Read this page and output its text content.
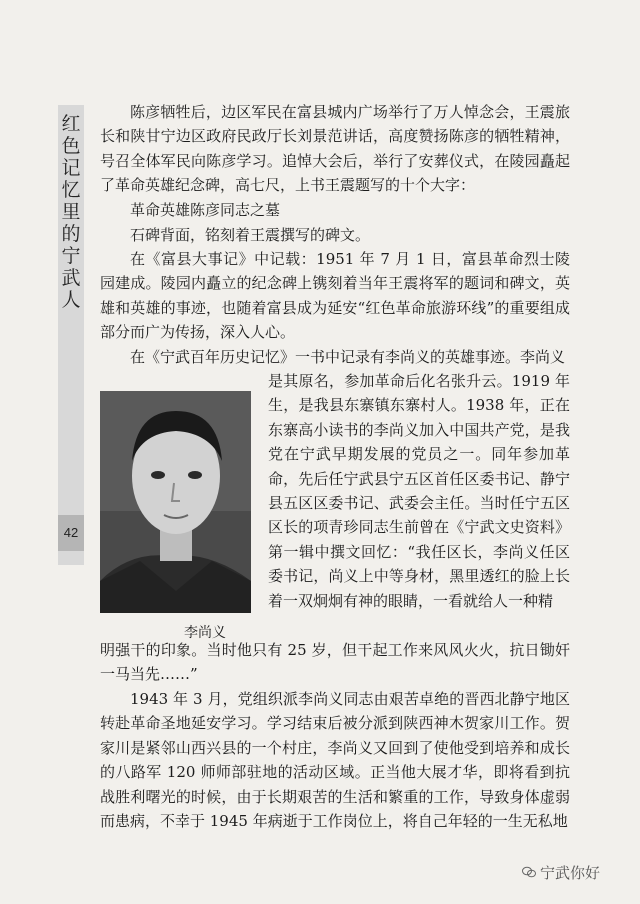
红色记忆里的宁武人
42

陈彦牺牲后，边区军民在富县城内广场举行了万人悼念会，王震旅长和陕甘宁边区政府民政厅长刘景范讲话，高度赞扬陈彦的牺牲精神，号召全体军民向陈彦学习。追悼大会后，举行了安葬仪式，在陵园矗起了革命英雄纪念碑，高七尺，上书王震题写的十个大字：

革命英雄陈彦同志之墓

石碑背面，铭刻着王震撰写的碑文。

在《富县大事记》中记载：1951 年 7 月 1 日，富县革命烈士陵园建成。陵园内矗立的纪念碑上镌刻着当年王震将军的题词和碑文，英雄和英雄的事迹，也随着富县成为延安“红色革命旅游环线”的重要组成部分而广为传扬，深入人心。

在《宁武百年历史记忆》一书中记录有李尚义的英雄事迹。李尚义

李尚义

是其原名，参加革命后化名张升云。1919 年生，是我县东寨镇东寨村人。1938 年，正在东寨高小读书的李尚义加入中国共产党，是我党在宁武早期发展的党员之一。同年参加革命，先后任宁武县宁五区首任区委书记、静宁县五区区委书记、武委会主任。当时任宁五区区长的项青珍同志生前曾在《宁武文史资料》第一辑中撰文回忆：“我任区长，李尚义任区委书记，尚义上中等身材，黑里透红的脸上长着一双炯炯有神的眼睛，一看就给人一种精

明强干的印象。当时他只有 25 岁，但干起工作来风风火火，抗日锄奸一马当先……”

1943 年 3 月，党组织派李尚义同志由艰苦卓绝的晋西北静宁地区转赴革命圣地延安学习。学习结束后被分派到陕西神木贺家川工作。贺家川是紧邻山西兴县的一个村庄，李尚义又回到了使他受到培养和成长的八路军 120 师师部驻地的活动区域。正当他大展才华，即将看到抗战胜利曙光的时候，由于长期艰苦的生活和繁重的工作，导致身体虚弱而患病，不幸于 1945 年病逝于工作岗位上，将自己年轻的一生无私地

宁武你好
